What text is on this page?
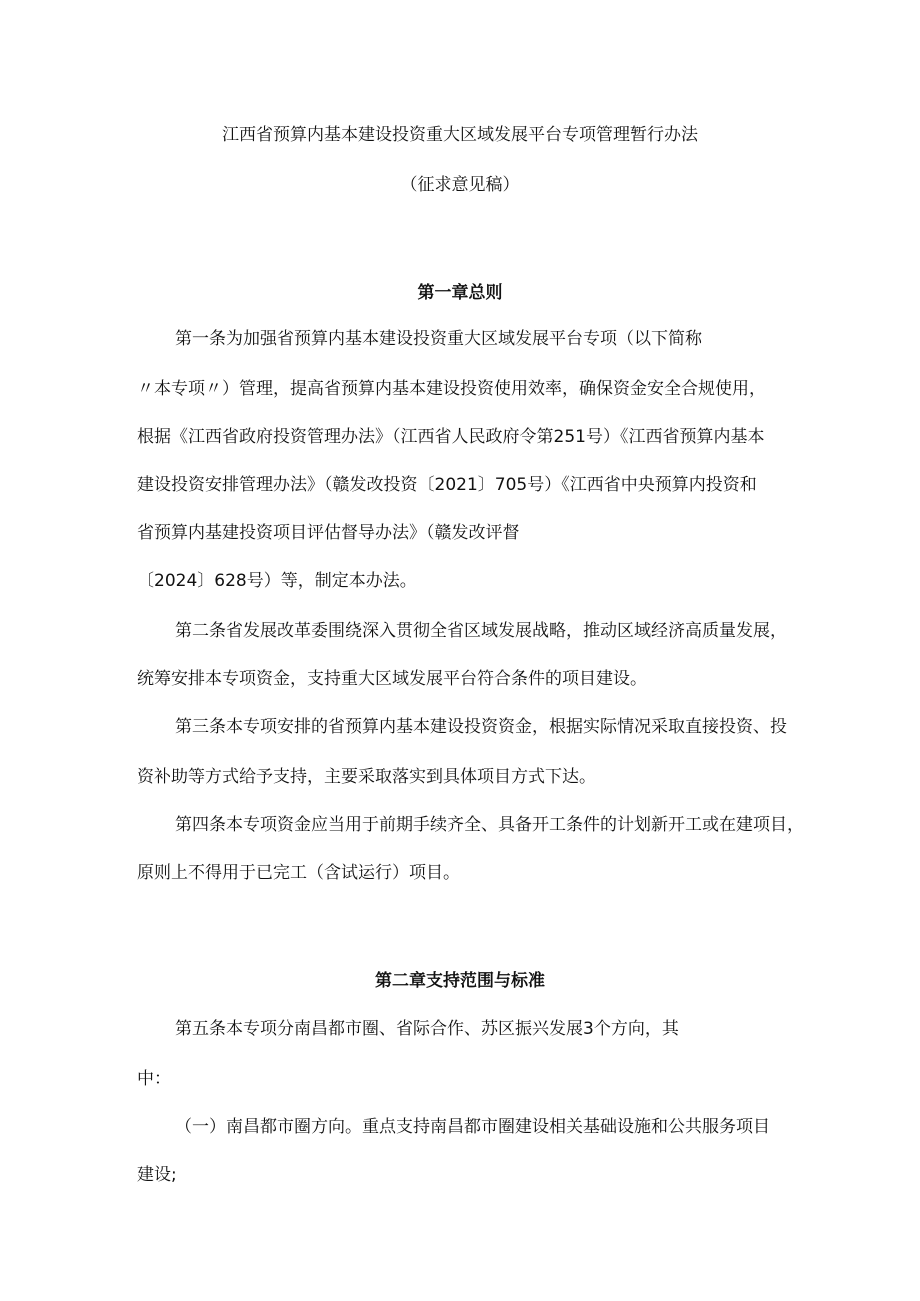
江西省预算内基本建设投资重大区域发展平台专项管理暂行办法
（征求意见稿）
第一章总则
第一条为加强省预算内基本建设投资重大区域发展平台专项（以下简称
〃本专项〃）管理，提高省预算内基本建设投资使用效率，确保资金安全合规使用，
根据《江西省政府投资管理办法》（江西省人民政府令第251号）《江西省预算内基本
建设投资安排管理办法》（赣发改投资〔2021〕705号）《江西省中央预算内投资和
省预算内基建投资项目评估督导办法》（赣发改评督
〔2024〕628号）等，制定本办法。
第二条省发展改革委围绕深入贯彻全省区域发展战略，推动区域经济高质量发展，
统筹安排本专项资金，支持重大区域发展平台符合条件的项目建设。
第三条本专项安排的省预算内基本建设投资资金，根据实际情况采取直接投资、投
资补助等方式给予支持，主要采取落实到具体项目方式下达。
第四条本专项资金应当用于前期手续齐全、具备开工条件的计划新开工或在建项目，
原则上不得用于已完工（含试运行）项目。
第二章支持范围与标准
第五条本专项分南昌都市圈、省际合作、苏区振兴发展3个方向，其
中：
（一）南昌都市圈方向。重点支持南昌都市圈建设相关基础设施和公共服务项目
建设;
